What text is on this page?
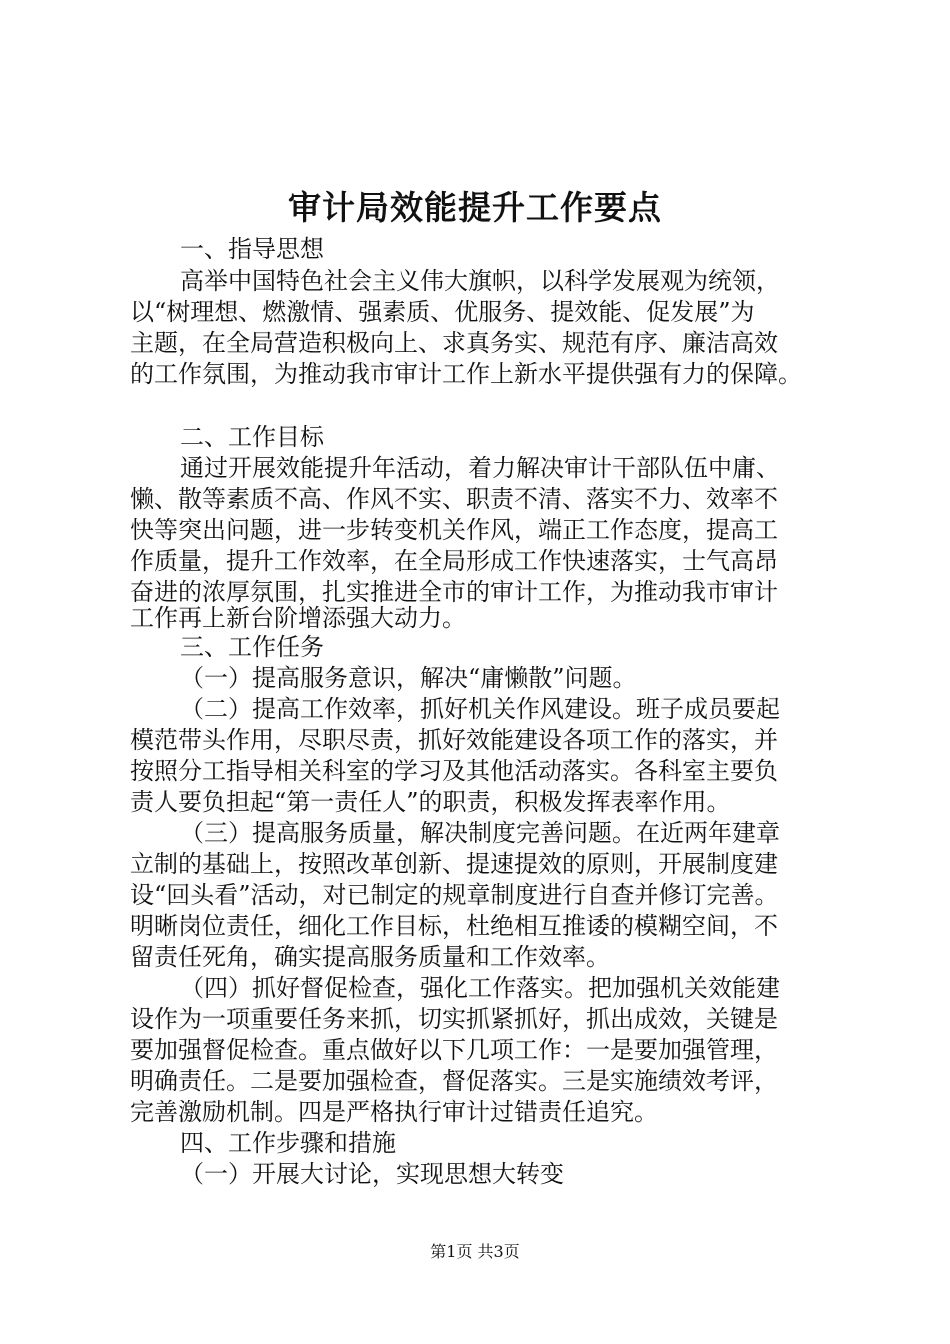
审计局效能提升工作要点

一、指导思想

高举中国特色社会主义伟大旗帜，以科学发展观为统领，

以“树理想、燃激情、强素质、优服务、提效能、促发展”为

主题，在全局营造积极向上、求真务实、规范有序、廉洁高效

的工作氛围，为推动我市审计工作上新水平提供强有力的保障。

二、工作目标

通过开展效能提升年活动，着力解决审计干部队伍中庸、

懒、散等素质不高、作风不实、职责不清、落实不力、效率不

快等突出问题，进一步转变机关作风，端正工作态度，提高工

作质量，提升工作效率，在全局形成工作快速落实，士气高昂

奋进的浓厚氛围，扎实推进全市的审计工作，为推动我市审计

工作再上新台阶增添强大动力。

三、工作任务

（一）提高服务意识，解决“庸懒散”问题。

（二）提高工作效率，抓好机关作风建设。班子成员要起

模范带头作用，尽职尽责，抓好效能建设各项工作的落实，并

按照分工指导相关科室的学习及其他活动落实。各科室主要负

责人要负担起“第一责任人”的职责，积极发挥表率作用。

（三）提高服务质量，解决制度完善问题。在近两年建章

立制的基础上，按照改革创新、提速提效的原则，开展制度建

设“回头看”活动，对已制定的规章制度进行自查并修订完善。

明晰岗位责任，细化工作目标，杜绝相互推诿的模糊空间，不

留责任死角，确实提高服务质量和工作效率。

（四）抓好督促检查，强化工作落实。把加强机关效能建

设作为一项重要任务来抓，切实抓紧抓好，抓出成效，关键是

要加强督促检查。重点做好以下几项工作：一是要加强管理，

明确责任。二是要加强检查，督促落实。三是实施绩效考评，

完善激励机制。四是严格执行审计过错责任追究。

四、工作步骤和措施

（一）开展大讨论，实现思想大转变

第1页 共3页
